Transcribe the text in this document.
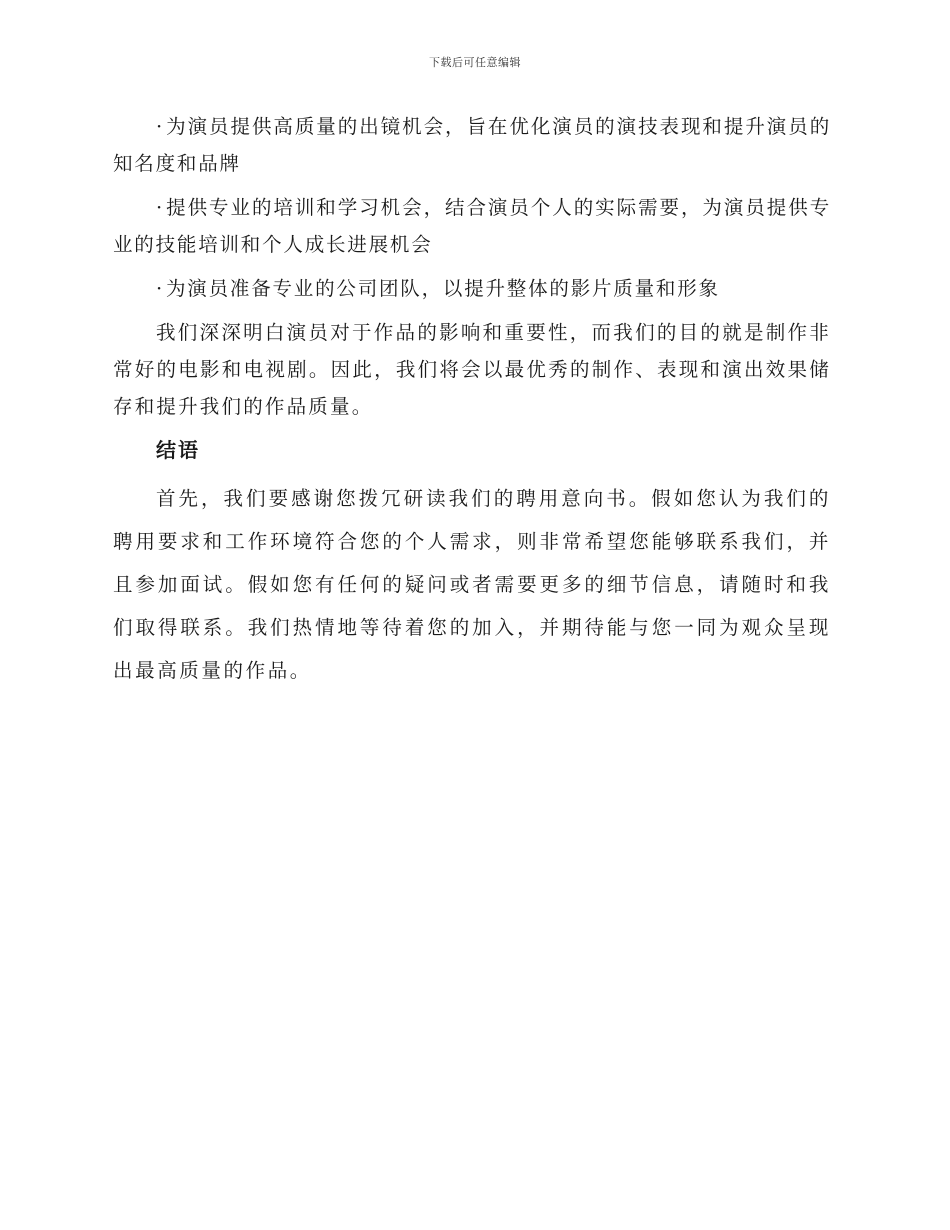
下载后可任意编辑

· 为演员提供高质量的出镜机会，旨在优化演员的演技表现和提升演员的知名度和品牌

· 提供专业的培训和学习机会，结合演员个人的实际需要，为演员提供专业的技能培训和个人成长进展机会

· 为演员准备专业的公司团队，以提升整体的影片质量和形象

我们深深明白演员对于作品的影响和重要性，而我们的目的就是制作非常好的电影和电视剧。因此，我们将会以最优秀的制作、表现和演出效果储存和提升我们的作品质量。

结语

首先，我们要感谢您拨冗研读我们的聘用意向书。假如您认为我们的聘用要求和工作环境符合您的个人需求，则非常希望您能够联系我们，并且参加面试。假如您有任何的疑问或者需要更多的细节信息，请随时和我们取得联系。我们热情地等待着您的加入，并期待能与您一同为观众呈现出最高质量的作品。
